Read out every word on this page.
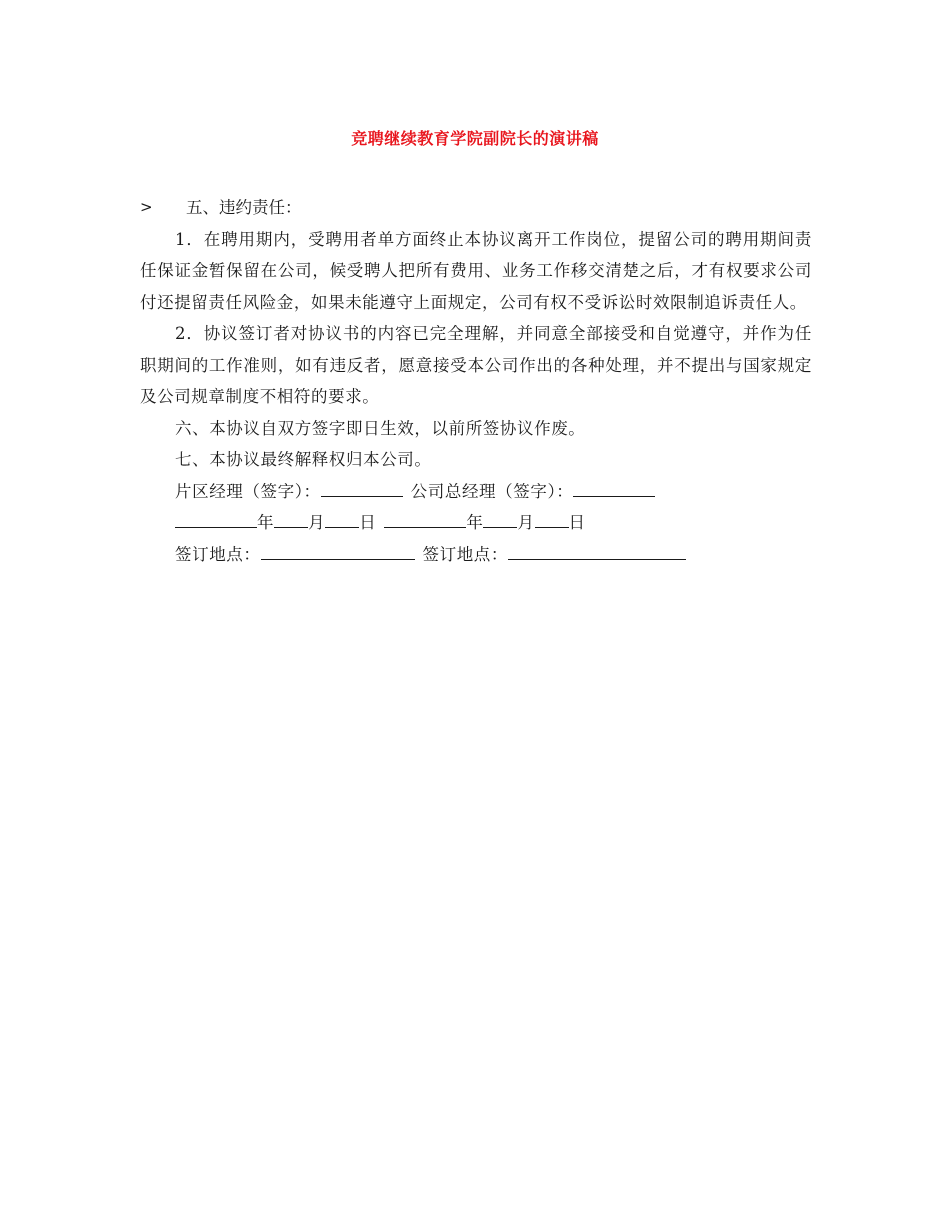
竞聘继续教育学院副院长的演讲稿
>	五、违约责任：

1．在聘用期内，受聘用者单方面终止本协议离开工作岗位，提留公司的聘用期间责任保证金暂保留在公司，候受聘人把所有费用、业务工作移交清楚之后，才有权要求公司付还提留责任风险金，如果未能遵守上面规定，公司有权不受诉讼时效限制追诉责任人。

2．协议签订者对协议书的内容已完全理解，并同意全部接受和自觉遵守，并作为任职期间的工作准则，如有违反者，愿意接受本公司作出的各种处理，并不提出与国家规定及公司规章制度不相符的要求。

六、本协议自双方签字即日生效，以前所签协议作废。

七、本协议最终解释权归本公司。

片区经理（签字）：	公司总经理（签字）：
年 月 日	年 月 日
签订地点：	签订地点：
